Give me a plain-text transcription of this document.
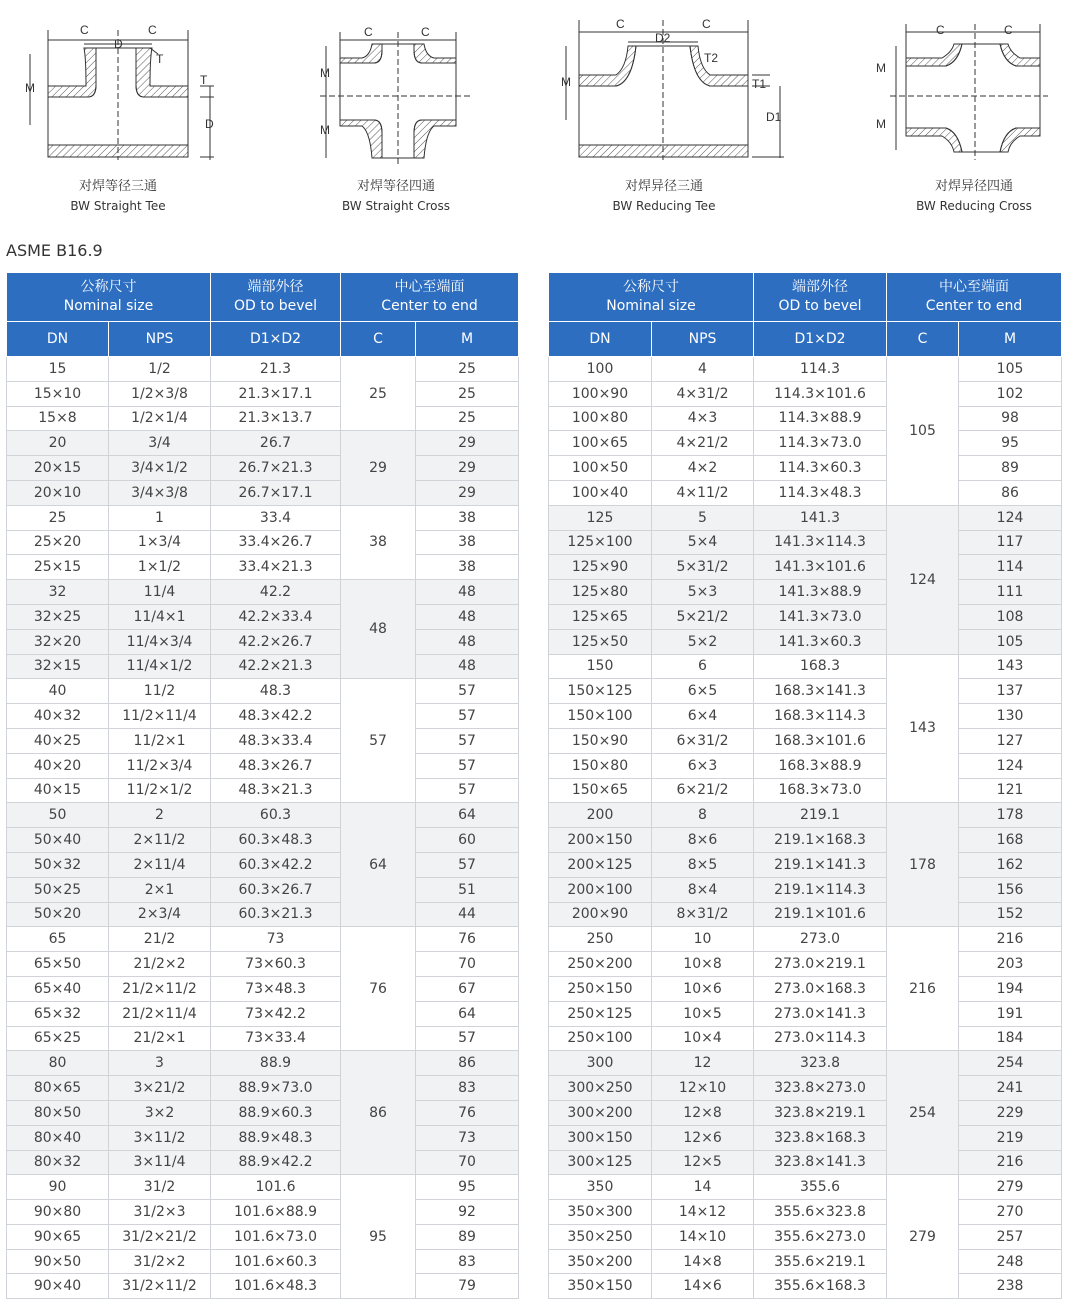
C
D
C
T
M
T
D
C	C
M
M
C
D2
C
T2
M	T1
D1
C	C
M
M
对焊等径三通
BW Straight Tee
对焊等径四通
BW Straight Cross
对焊异径三通
BW Reducing Tee
对焊异径四通
BW Reducing Cross
ASME B16.9
公称尺寸
Nominal size		端部外径
OD to bevel	中心至端面
Center to end	
DN	NPS	D1×D2	C	M
15	1/2	21.3	25	25
15×10	1/2×3/8	21.3×17.1		25
15×8	1/2×1/4	21.3×13.7		25
20	3/4	26.7	29	29
20×15	3/4×1/2	26.7×21.3		29
20×10	3/4×3/8	26.7×17.1		29
25	1	33.4	38	38
25×20	1×3/4	33.4×26.7		38
25×15	1×1/2	33.4×21.3		38
32	11/4	42.2	48	48
32×25	11/4×1	42.2×33.4		48
32×20	11/4×3/4	42.2×26.7		48
32×15	11/4×1/2	42.2×21.3		48
40	11/2	48.3	57	57
40×32	11/2×11/4	48.3×42.2		57
40×25	11/2×1	48.3×33.4		57
40×20	11/2×3/4	48.3×26.7		57
40×15	11/2×1/2	48.3×21.3		57
50	2	60.3	64	64
50×40	2×11/2	60.3×48.3		60
50×32	2×11/4	60.3×42.2		57
50×25	2×1	60.3×26.7		51
50×20	2×3/4	60.3×21.3		44
65	21/2	73	76	76
65×50	21/2×2	73×60.3		70
65×40	21/2×11/2	73×48.3		67
65×32	21/2×11/4	73×42.2		64
65×25	21/2×1	73×33.4		57
80	3	88.9	86	86
80×65	3×21/2	88.9×73.0		83
80×50	3×2	88.9×60.3		76
80×40	3×11/2	88.9×48.3		73
80×32	3×11/4	88.9×42.2		70
90	31/2	101.6	95	95
90×80	31/2×3	101.6×88.9		92
90×65	31/2×21/2	101.6×73.0		89
90×50	31/2×2	101.6×60.3		83
90×40	31/2×11/2	101.6×48.3		79
公称尺寸
Nominal size		端部外径
OD to bevel	中心至端面
Center to end	
DN	NPS	D1×D2	C	M
100	4	114.3	105	105
100×90	4×31/2	114.3×101.6		102
100×80	4×3	114.3×88.9		98
100×65	4×21/2	114.3×73.0		95
100×50	4×2	114.3×60.3		89
100×40	4×11/2	114.3×48.3		86
125	5	141.3	124	124
125×100	5×4	141.3×114.3		117
125×90	5×31/2	141.3×101.6		114
125×80	5×3	141.3×88.9		111
125×65	5×21/2	141.3×73.0		108
125×50	5×2	141.3×60.3		105
150	6	168.3	143	143
150×125	6×5	168.3×141.3		137
150×100	6×4	168.3×114.3		130
150×90	6×31/2	168.3×101.6		127
150×80	6×3	168.3×88.9		124
150×65	6×21/2	168.3×73.0		121
200	8	219.1	178	178
200×150	8×6	219.1×168.3		168
200×125	8×5	219.1×141.3		162
200×100	8×4	219.1×114.3		156
200×90	8×31/2	219.1×101.6		152
250	10	273.0	216	216
250×200	10×8	273.0×219.1		203
250×150	10×6	273.0×168.3		194
250×125	10×5	273.0×141.3		191
250×100	10×4	273.0×114.3		184
300	12	323.8	254	254
300×250	12×10	323.8×273.0		241
300×200	12×8	323.8×219.1		229
300×150	12×6	323.8×168.3		219
300×125	12×5	323.8×141.3		216
350	14	355.6	279	279
350×300	14×12	355.6×323.8		270
350×250	14×10	355.6×273.0		257
350×200	14×8	355.6×219.1		248
350×150	14×6	355.6×168.3		238
